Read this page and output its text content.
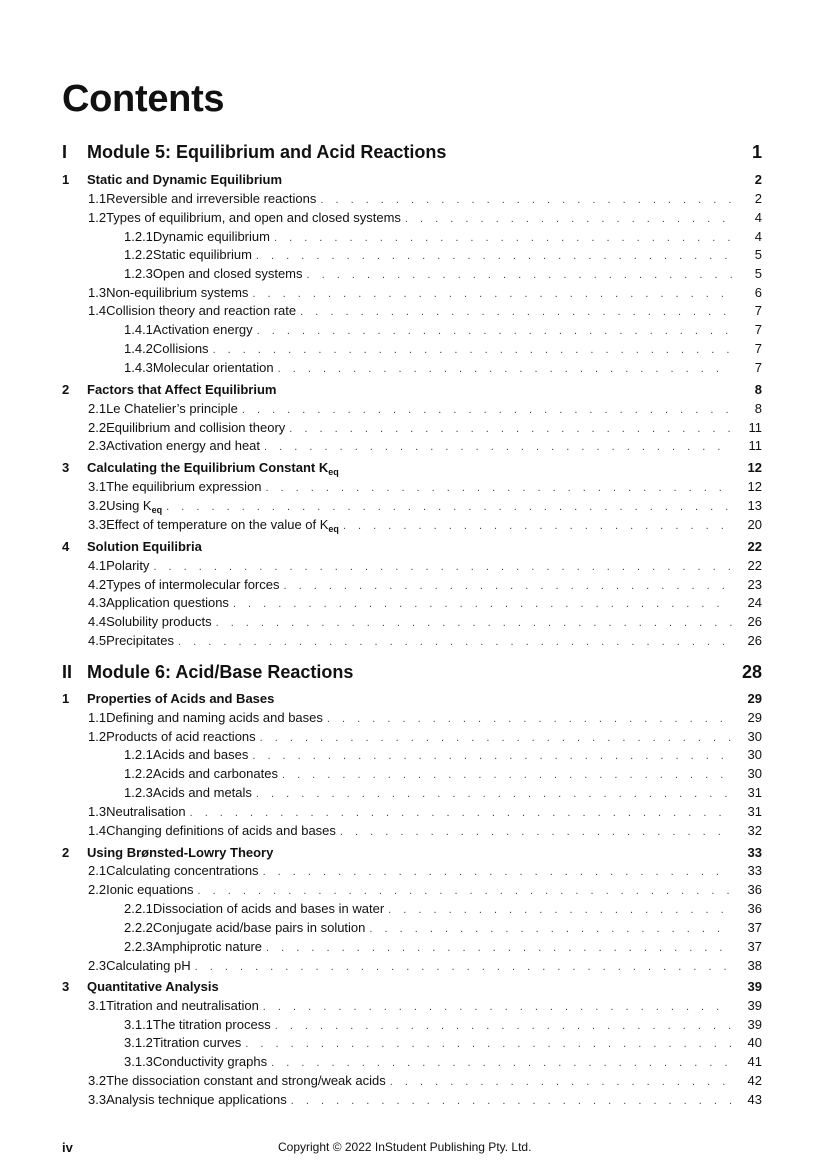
Contents
I	Module 5: Equilibrium and Acid Reactions	1
1	Static and Dynamic Equilibrium	2
1.1 Reversible and irreversible reactions . . .	2
1.2 Types of equilibrium, and open and closed systems . . .	4
1.2.1 Dynamic equilibrium . . .	4
1.2.2 Static equilibrium . . .	5
1.2.3 Open and closed systems . . .	5
1.3 Non-equilibrium systems . . .	6
1.4 Collision theory and reaction rate . . .	7
1.4.1 Activation energy . . .	7
1.4.2 Collisions . . .	7
1.4.3 Molecular orientation . . .	7
2	Factors that Affect Equilibrium	8
2.1 Le Chatelier’s principle . . .	8
2.2 Equilibrium and collision theory . . .	11
2.3 Activation energy and heat . . .	11
3	Calculating the Equilibrium Constant $K_{eq}$	12
3.1 The equilibrium expression . . .	12
3.2 Using $K_{eq}$ . . .	13
3.3 Effect of temperature on the value of $K_{eq}$ . . .	20
4	Solution Equilibria	22
4.1 Polarity . . .	22
4.2 Types of intermolecular forces . . .	23
4.3 Application questions . . .	24
4.4 Solubility products . . .	26
4.5 Precipitates . . .	26
II Module 6: Acid/Base Reactions	28
1	Properties of Acids and Bases	29
1.1 Defining and naming acids and bases . . .	29
1.2 Products of acid reactions . . .	30
1.2.1 Acids and bases . . .	30
1.2.2 Acids and carbonates . . .	30
1.2.3 Acids and metals . . .	31
1.3 Neutralisation . . .	31
1.4 Changing definitions of acids and bases . . .	32
2	Using Brønsted-Lowry Theory	33
2.1 Calculating concentrations . . .	33
2.2 Ionic equations . . .	36
2.2.1 Dissociation of acids and bases in water . . .	36
2.2.2 Conjugate acid/base pairs in solution . . .	37
2.2.3 Amphiprotic nature . . .	37
2.3 Calculating pH . . .	38
3	Quantitative Analysis	39
3.1 Titration and neutralisation . . .	39
3.1.1 The titration process . . .	39
3.1.2 Titration curves . . .	40
3.1.3 Conductivity graphs . . .	41
3.2 The dissociation constant and strong/weak acids . . .	42
3.3 Analysis technique applications . . .	43
iv	Copyright © 2022 InStudent Publishing Pty. Ltd.
